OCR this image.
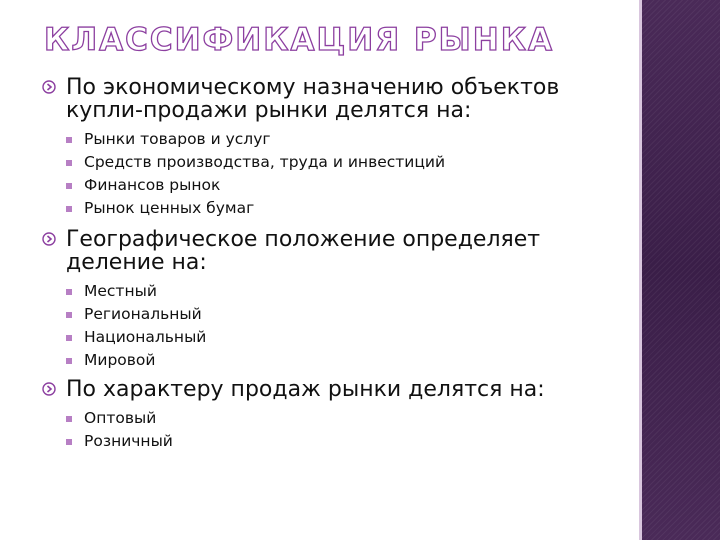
КЛАССИФИКАЦИЯ РЫНКА
По экономическому назначению объектов купли-продажи рынки делятся на:
Рынки товаров и услуг
Средств производства, труда и инвестиций
Финансов рынок
Рынок ценных бумаг
Географическое положение определяет деление на:
Местный
Региональный
Национальный
Мировой
По характеру продаж рынки делятся на:
Оптовый
Розничный
